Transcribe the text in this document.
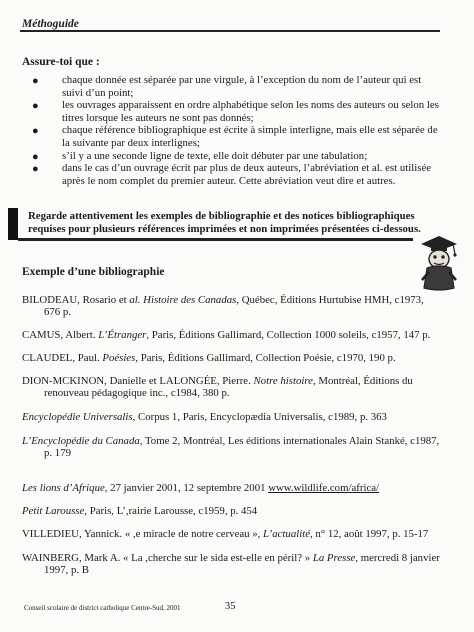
Méthoguide
Assure-toi que :
● chaque donnée est séparée par une virgule, à l’exception du nom de l’auteur qui est suivi d’un point;
● les ouvrages apparaissent en ordre alphabétique selon les noms des auteurs ou selon les titres lorsque les auteurs ne sont pas donnés;
● chaque référence bibliographique est écrite à simple interligne, mais elle est séparée de la suivante par deux interlignes;
● s’il y a une seconde ligne de texte, elle doit débuter par une tabulation;
● dans le cas d’un ouvrage écrit par plus de deux auteurs, l’abréviation et al. est utilisée après le nom complet du premier auteur. Cette abréviation veut dire et autres.
Regarde attentivement les exemples de bibliographie et des notices bibliographiques requises pour plusieurs références imprimées et non imprimées présentées ci-dessous.
Exemple d’une bibliographie
BILODEAU, Rosario et al. Histoire des Canadas, Québec, Éditions Hurtubise HMH, c1973, 676 p.
CAMUS, Albert. L’Étranger, Paris, Éditions Gallimard, Collection 1000 soleils, c1957, 147 p.
CLAUDEL, Paul. Poésies, Paris, Éditions Gallimard, Collection Poésie, c1970, 190 p.
DION-MCKINON, Danielle et LALONGÉE, Pierre. Notre histoire, Montréal, Éditions du renouveau pédagogique inc., c1984, 380 p.
Encyclopédie Universalis, Corpus 1, Paris, Encyclopædia Universalis, c1989, p. 363
L’Encyclopédie du Canada, Tome 2, Montréal, Les éditions internationales Alain Stanké, c1987, p. 179
Les lions d’Afrique, 27 janvier 2001, 12 septembre 2001 www.wildlife.com/africa/
Petit Larousse, Paris, L’,rairie Larousse, c1959, p. 454
VILLEDIEU, Yannick. « ,e miracle de notre cerveau », L’actualité, n° 12, août 1997, p. 15-17
WAINBERG, Mark A. « La ,cherche sur le sida est-elle en péril? » La Presse, mercredi 8 janvier 1997, p. B
Conseil scolaire de district catholique Centre-Sud, 2001	35
